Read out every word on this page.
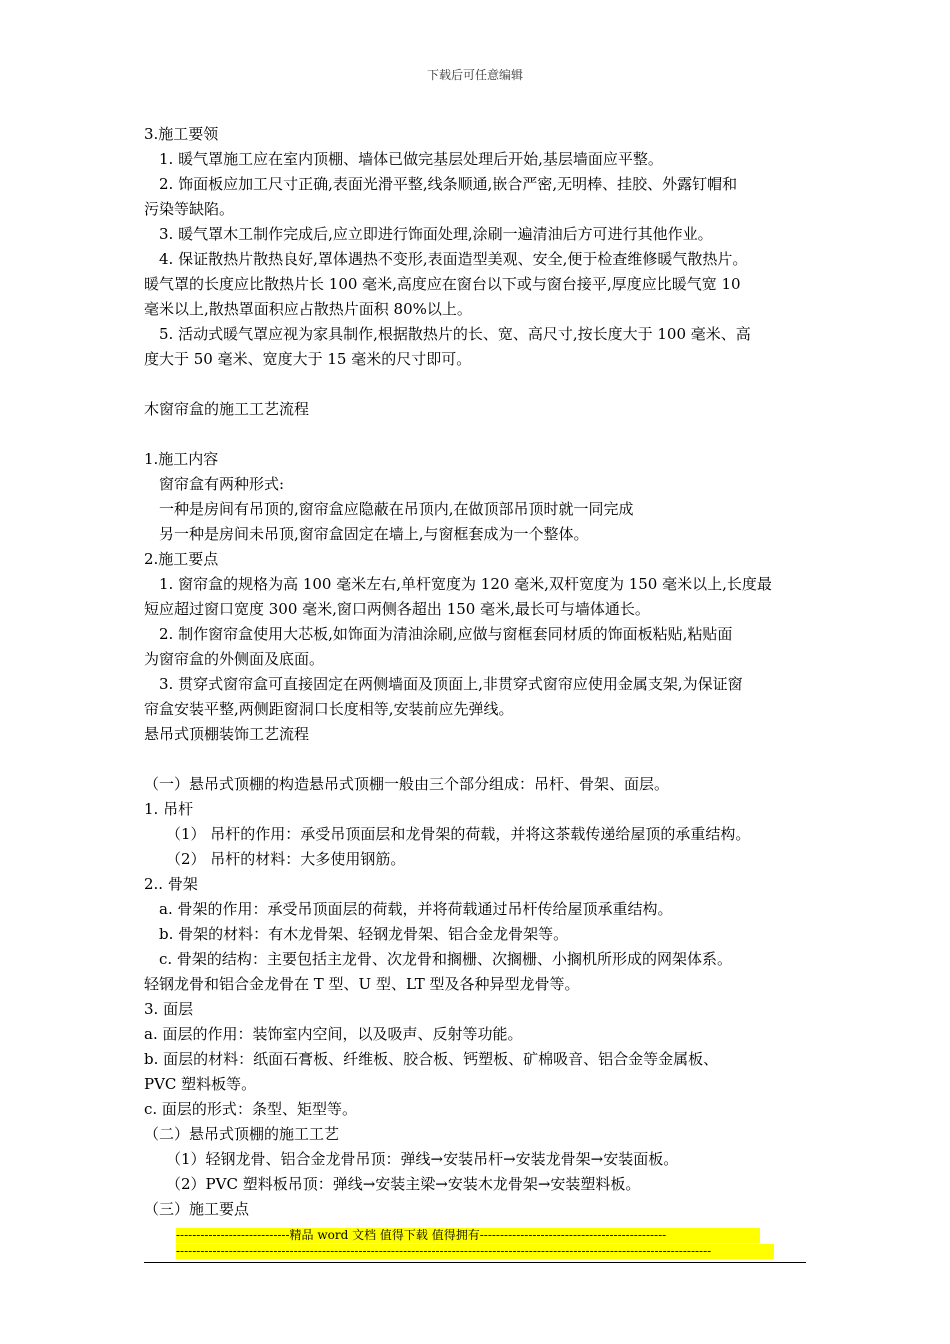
下载后可任意编辑

3.施工要领

1. 暖气罩施工应在室内顶棚、墙体已做完基层处理后开始,基层墙面应平整。

2. 饰面板应加工尺寸正确,表面光滑平整,线条顺通,嵌合严密,无明棒、挂胶、外露钉帽和

污染等缺陷。

3. 暖气罩木工制作完成后,应立即进行饰面处理,涂刷一遍清油后方可进行其他作业。

4. 保证散热片散热良好,罩体遇热不变形,表面造型美观、安全,便于检查维修暖气散热片。

暖气罩的长度应比散热片长 100 毫米,高度应在窗台以下或与窗台接平,厚度应比暖气宽 10

毫米以上,散热罩面积应占散热片面积 80%以上。

5. 活动式暖气罩应视为家具制作,根据散热片的长、宽、高尺寸,按长度大于 100 毫米、高

度大于 50 毫米、宽度大于 15 毫米的尺寸即可。

木窗帘盒的施工工艺流程

1.施工内容

窗帘盒有两种形式:

一种是房间有吊顶的,窗帘盒应隐蔽在吊顶内,在做顶部吊顶时就一同完成

另一种是房间未吊顶,窗帘盒固定在墙上,与窗框套成为一个整体。

2.施工要点

1. 窗帘盒的规格为高 100 毫米左右,单杆宽度为 120 毫米,双杆宽度为 150 毫米以上,长度最

短应超过窗口宽度 300 毫米,窗口两侧各超出 150 毫米,最长可与墙体通长。

2. 制作窗帘盒使用大芯板,如饰面为清油涂刷,应做与窗框套同材质的饰面板粘贴,粘贴面

为窗帘盒的外侧面及底面。

3. 贯穿式窗帘盒可直接固定在两侧墙面及顶面上,非贯穿式窗帘应使用金属支架,为保证窗

帘盒安装平整,两侧距窗洞口长度相等,安装前应先弹线。

悬吊式顶棚装饰工艺流程

（一）悬吊式顶棚的构造悬吊式顶棚一般由三个部分组成：吊杆、骨架、面层。

1. 吊杆

（1） 吊杆的作用：承受吊顶面层和龙骨架的荷载，并将这茶载传递给屋顶的承重结构。

（2） 吊杆的材料：大多使用钢筋。

2.. 骨架

a. 骨架的作用：承受吊顶面层的荷载，并将荷载通过吊杆传给屋顶承重结构。

b. 骨架的材料：有木龙骨架、轻钢龙骨架、铝合金龙骨架等。

c. 骨架的结构：主要包括主龙骨、次龙骨和搁栅、次搁栅、小搁机所形成的网架体系。

轻钢龙骨和铝合金龙骨在 T 型、U 型、LT 型及各种异型龙骨等。

3. 面层

a. 面层的作用：装饰室内空间，以及吸声、反射等功能。

b. 面层的材料：纸面石膏板、纤维板、胶合板、钙塑板、矿棉吸音、铝合金等金属板、

PVC 塑料板等。

c. 面层的形式：条型、矩型等。

（二）悬吊式顶棚的施工工艺

（1）轻钢龙骨、铝合金龙骨吊顶：弹线→安装吊杆→安装龙骨架→安装面板。

（2）PVC 塑料板吊顶：弹线→安装主梁→安装木龙骨架→安装塑料板。

（三）施工要点

----------------------------精品 word 文档 值得下载 值得拥有----------------------------------------------
------------------------------------------------------------------------------------------------------------------------------------
